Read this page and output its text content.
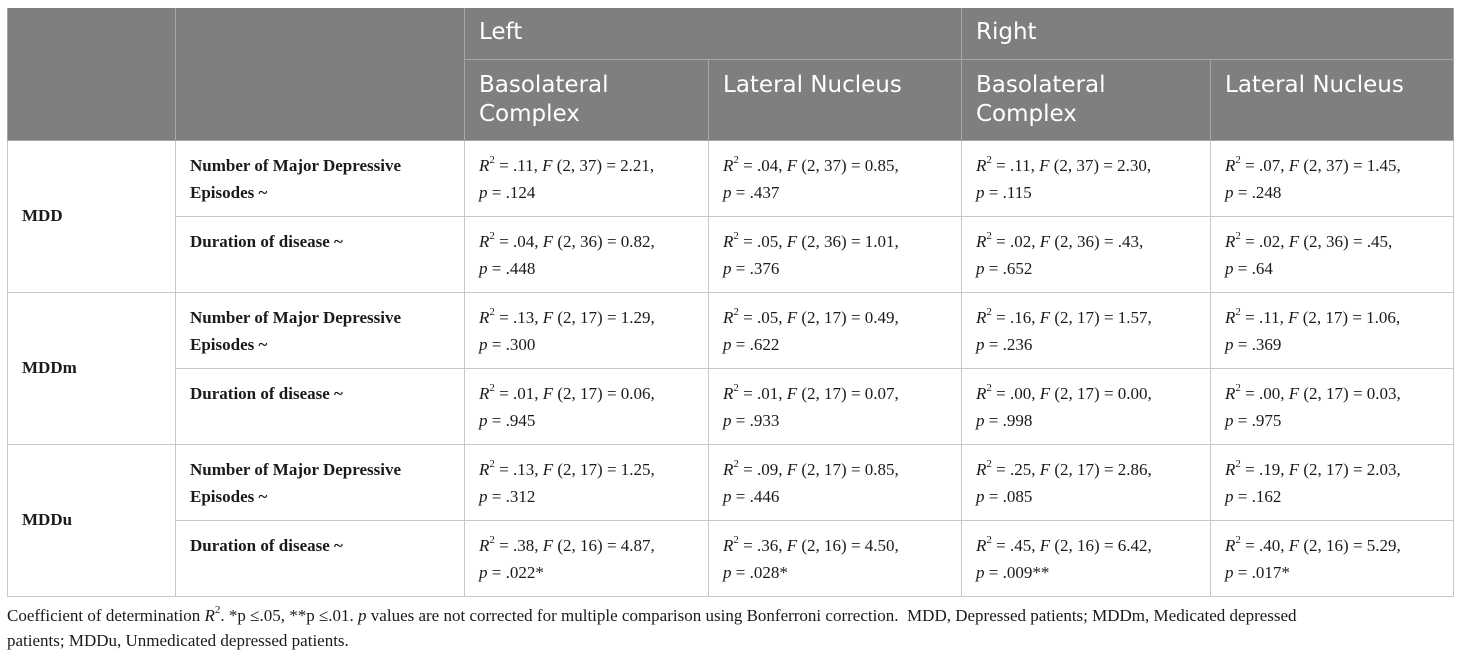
		Left		Right	

		Basolateral
Complex	Lateral Nucleus	Basolateral
Complex	Lateral Nucleus

MDD	Number of Major Depressive
Episodes ~	$R^2 = .11$, F (2, 37) = 2.21,
p = .124	$R^2 = .04$, F (2, 37) = 0.85,
p = .437	$R^2 = .11$, F (2, 37) = 2.30,
p = .115	$R^2 = .07$, F (2, 37) = 1.45,
p = .248

	Duration of disease ~	$R^2 = .04$, F (2, 36) = 0.82,
p = .448	$R^2 = .05$, F (2, 36) = 1.01,
p = .376	$R^2 = .02$, F (2, 36) = .43,
p = .652	$R^2 = .02$, F (2, 36) = .45,
p = .64

MDDm	Number of Major Depressive
Episodes ~	$R^2 = .13$, F (2, 17) = 1.29,
p = .300	$R^2 = .05$, F (2, 17) = 0.49,
p = .622	$R^2 = .16$, F (2, 17) = 1.57,
p = .236	$R^2 = .11$, F (2, 17) = 1.06,
p = .369

	Duration of disease ~	$R^2 = .01$, F (2, 17) = 0.06,
p = .945	$R^2 = .01$, F (2, 17) = 0.07,
p = .933	$R^2 = .00$, F (2, 17) = 0.00,
p = .998	$R^2 = .00$, F (2, 17) = 0.03,
p = .975

MDDu	Number of Major Depressive
Episodes ~	$R^2 = .13$, F (2, 17) = 1.25,
p = .312	$R^2 = .09$, F (2, 17) = 0.85,
p = .446	$R^2 = .25$, F (2, 17) = 2.86,
p = .085	$R^2 = .19$, F (2, 17) = 2.03,
p = .162

	Duration of disease ~	$R^2 = .38$, F (2, 16) = 4.87,
p = .022*	$R^2 = .36$, F (2, 16) = 4.50,
p = .028*	$R^2 = .45$, F (2, 16) = 6.42,
p = .009**	$R^2 = .40$, F (2, 16) = 5.29,
p = .017*
Coefficient of determination $R^2$. *p ≤.05, **p ≤.01. p values are not corrected for multiple comparison using Bonferroni correction.  MDD, Depressed patients; MDDm, Medicated depressed
patients; MDDu, Unmedicated depressed patients.
